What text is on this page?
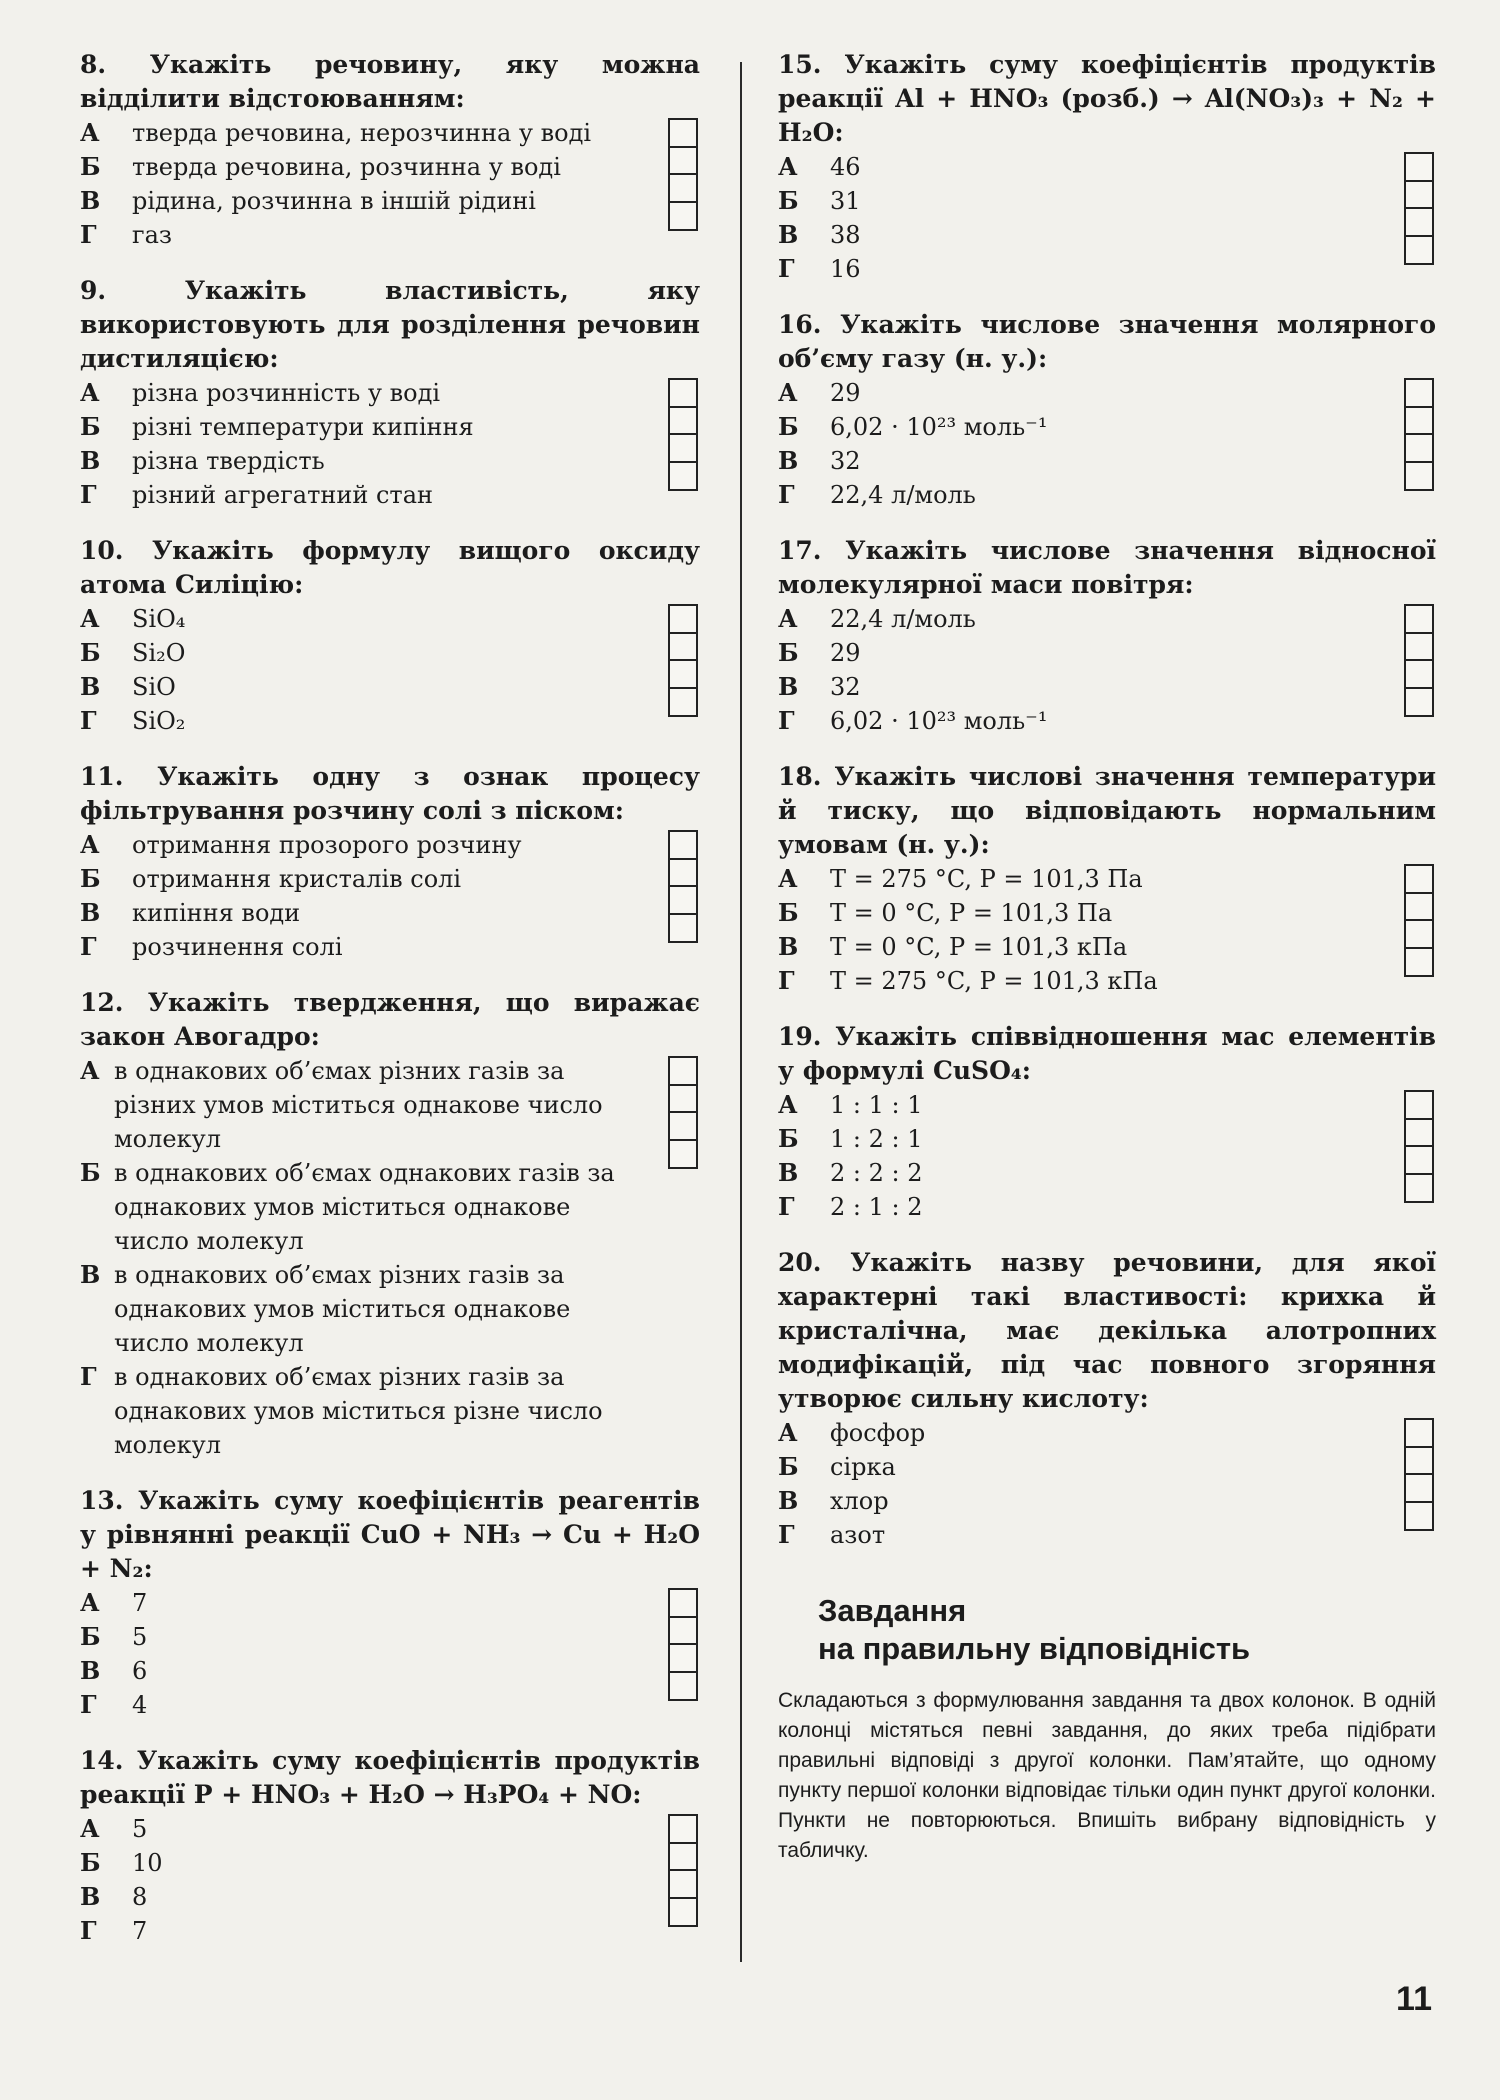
8. Укажіть речовину, яку можна відділити відстоюванням:

А	тверда речовина, нерозчинна у воді
Б	тверда речовина, розчинна у воді
В	рідина, розчинна в іншій рідині
Г	газ

9. Укажіть властивість, яку використовують для розділення речовин дистиляцією:

А	різна розчинність у воді
Б	різні температури кипіння
В	різна твердість
Г	різний агрегатний стан

10. Укажіть формулу вищого оксиду атома Силіцію:

А	SiO₄
Б	Si₂O
В	SiO
Г	SiO₂

11. Укажіть одну з ознак процесу фільтрування розчину солі з піском:

А	отримання прозорого розчину
Б	отримання кристалів солі
В	кипіння води
Г	розчинення солі

12. Укажіть твердження, що виражає закон Авогадро:

А в однакових об’ємах різних газів за різних умов міститься однакове число молекул
Б в однакових об’ємах однакових газів за однакових умов міститься однакове число молекул
В в однакових об’ємах різних газів за однакових умов міститься однакове число молекул
Г в однакових об’ємах різних газів за однакових умов міститься різне число молекул

13. Укажіть суму коефіцієнтів реагентів у рівнянні реакції CuO + NH₃ → Cu + H₂O + N₂:

А	7
Б	5
В	6
Г	4

14. Укажіть суму коефіцієнтів продуктів реакції P + HNO₃ + H₂O → H₃PO₄ + NO:

А	5
Б	10
В	8
Г	7

15. Укажіть суму коефіцієнтів продуктів реакції Al + HNO₃ (розб.) → Al(NO₃)₃ + N₂ + H₂O:

А	46
Б	31
В	38
Г	16

16. Укажіть числове значення молярного об’єму газу (н. у.):

А	29
Б	6,02 · 10²³ моль⁻¹
В	32
Г	22,4 л/моль

17. Укажіть числове значення відносної молекулярної маси повітря:

А	22,4 л/моль
Б	29
В	32
Г	6,02 · 10²³ моль⁻¹

18. Укажіть числові значення температури й тиску, що відповідають нормальним умовам (н. у.):

А	T = 275 °C, P = 101,3 Па
Б	T = 0 °C, P = 101,3 Па
В	T = 0 °C, P = 101,3 кПа
Г	T = 275 °C, P = 101,3 кПа

19. Укажіть співвідношення мас елементів у формулі CuSO₄:

А	1 : 1 : 1
Б	1 : 2 : 1
В	2 : 2 : 2
Г	2 : 1 : 2

20. Укажіть назву речовини, для якої характерні такі властивості: крихка й кристалічна, має декілька алотропних модифікацій, під час повного згоряння утворює сильну кислоту:

А	фосфор
Б	сірка
В	хлор
Г	азот
Завдання
на правильну відповідність

Складаються з формулювання завдання та двох колонок. В одній колонці містяться певні завдання, до яких треба підібрати правильні відповіді з другої колонки. Пам’ятайте, що одному пункту першої колонки відповідає тільки один пункт другої колонки. Пункти не повторюються. Впишіть вибрану відповідність у табличку.

11
